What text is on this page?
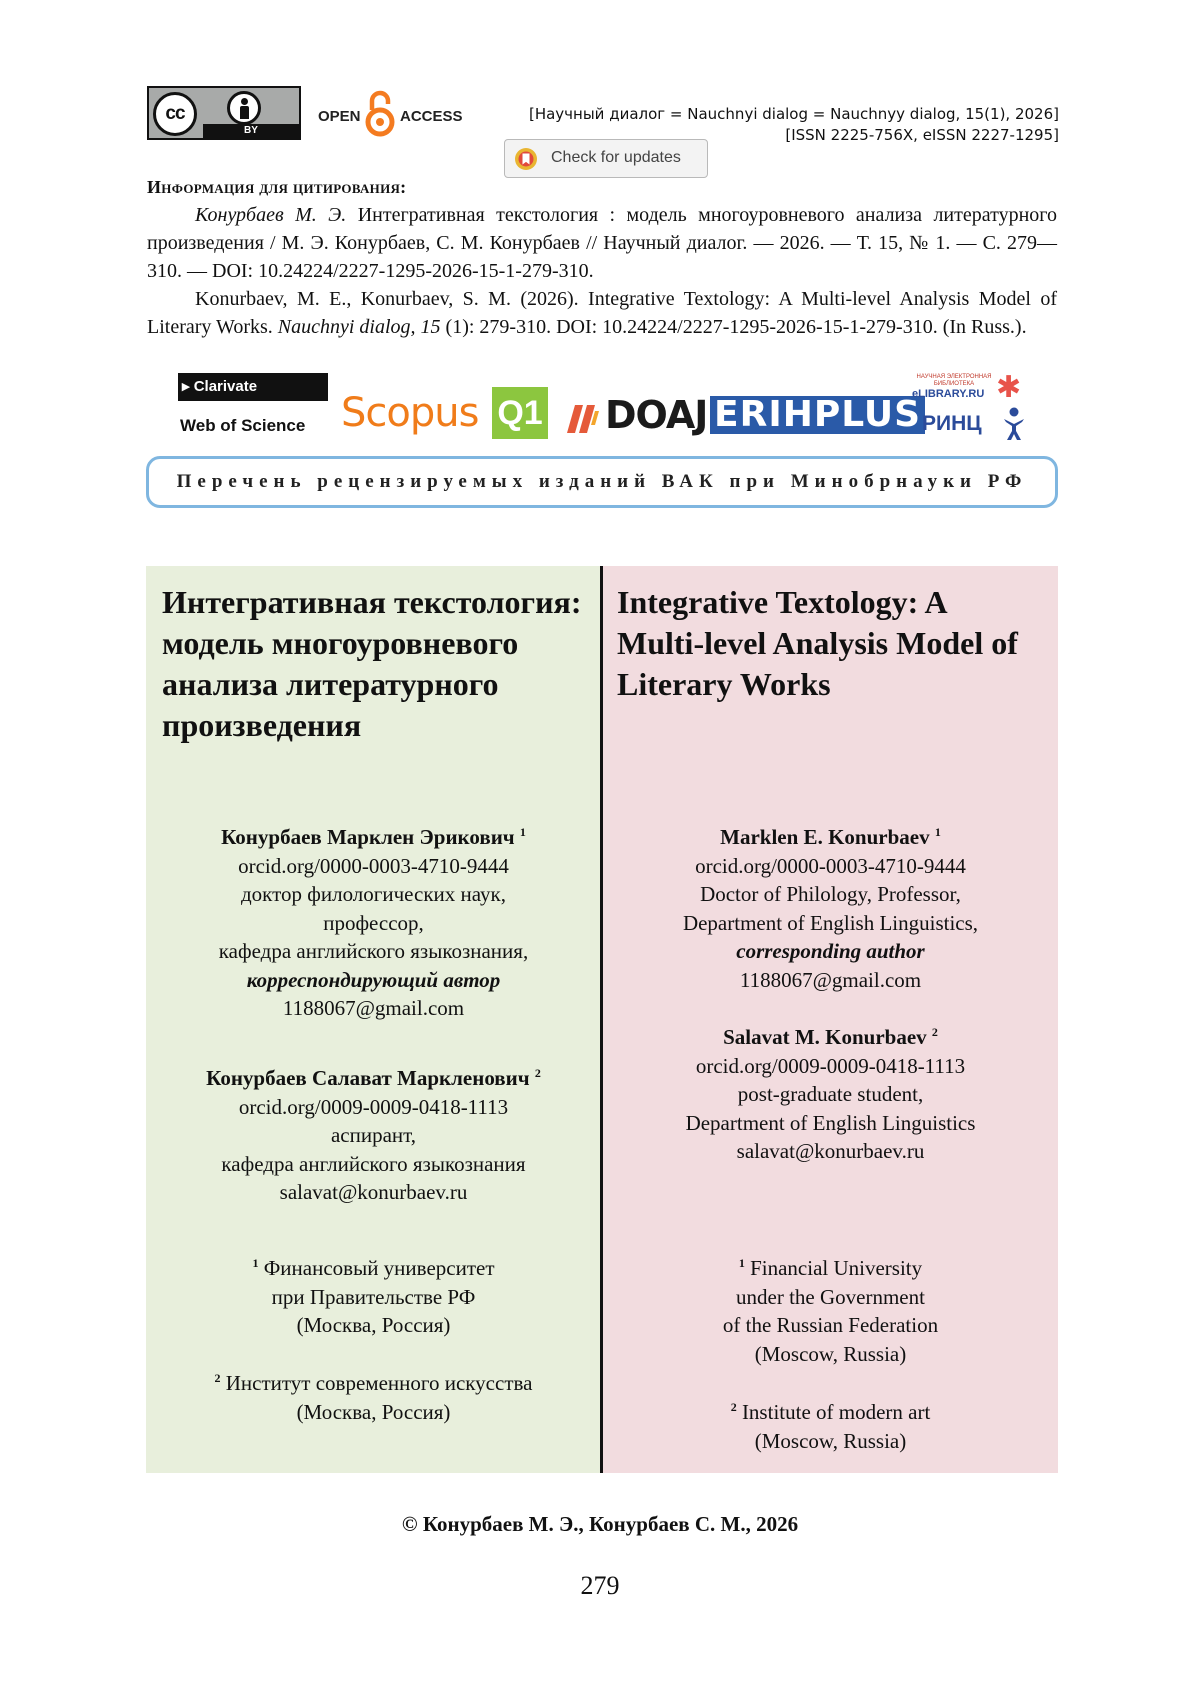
cc
BY
OPEN	ACCESS	[Научный диалог = Nauchnyi dialog = Nauchnyy dialog, 15(1), 2026]
[ISSN 2225-756X, eISSN 2227-1295]
Check for updates
Информация для цитирования:
Конурбаев М. Э. Интегративная текстология : модель многоуровневого анализа литературного произведения / М. Э. Конурбаев, С. М. Конурбаев // Научный диалог. — 2026. — Т. 15, № 1. — С. 279—310. — DOI: 10.24224/2227-1295-2026-15-1-279-310.
Konurbaev, M. E., Konurbaev, S. M. (2026). Integrative Textology: A Multi-level Analysis Model of Literary Works. Nauchnyi dialog, 15 (1): 279-310. DOI: 10.24224/2227-1295-2026-15-1-279-310. (In Russ.).
▸ Clarivate
Web of Science Scopus Q1 DOAJ ERIHPLUS
НАУЧНАЯ ЭЛЕКТРОННАЯ БИБЛИОТЕКА
eLIBRARY.RU
РИНЦ
✱
Перечень рецензируемых изданий ВАК при Минобрнауки РФ
Интегративная текстология: модель многоуровневого анализа литературного произведения
Конурбаев Марклен Эрикович $^1$
orcid.org/0000-0003-4710-9444
доктор филологических наук,
профессор,
кафедра английского языкознания,
корреспондирующий автор
1188067@gmail.com
Конурбаев Салават Маркленович $^2$
orcid.org/0009-0009-0418-1113
аспирант,
кафедра английского языкознания
salavat@konurbaev.ru
$^1$ Финансовый университет
при Правительстве РФ
(Москва, Россия)
$^2$ Институт современного искусства
(Москва, Россия)
Integrative Textology: A Multi-level Analysis Model of Literary Works
Marklen E. Konurbaev $^1$
orcid.org/0000-0003-4710-9444
Doctor of Philology, Professor,
Department of English Linguistics,
corresponding author
1188067@gmail.com
Salavat M. Konurbaev $^2$
orcid.org/0009-0009-0418-1113
post-graduate student,
Department of English Linguistics
salavat@konurbaev.ru
$^1$ Financial University
under the Government
of the Russian Federation
(Moscow, Russia)
$^2$ Institute of modern art
(Moscow, Russia)
© Конурбаев М. Э., Конурбаев С. М., 2026
279
